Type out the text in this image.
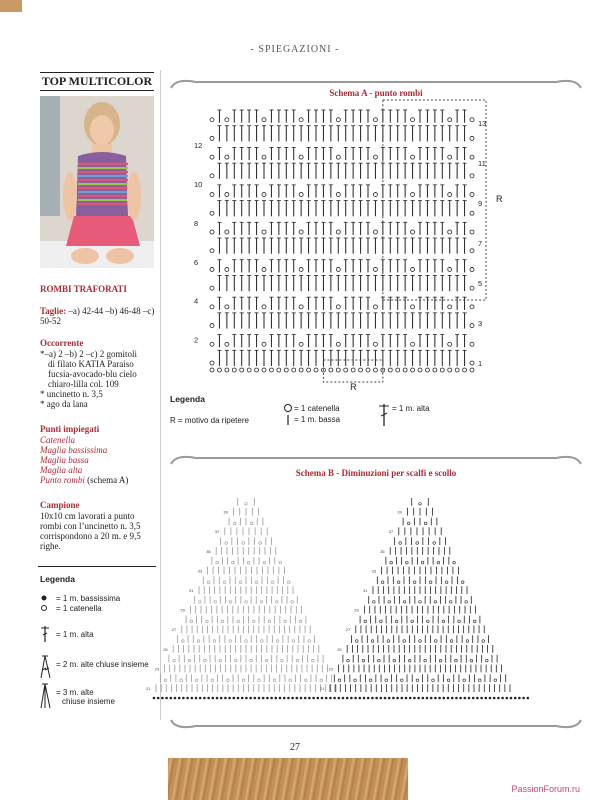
- SPIEGAZIONI -
TOP MULTICOLOR
ROMBI TRAFORATI
Taglie: –a) 42-44 –b) 46-48 –c) 50-52
Occorrente
*–a) 2 –b) 2 –c) 2 gomitoli
di filato KATIA Paraiso
fucsia-avocado-blu cielo
chiaro-lilla col. 109
* uncinetto n. 3,5
* ago da lana
Punti impiegati
Catenella
Maglia bassissima
Maglia bassa
Maglia alta
Punto rombi (schema A)
Campione
10x10 cm lavorati a punto
rombi con l’uncinetto n. 3,5
corrispondono a 20 m. e 9,5
righe.
Legenda
= 1 m. bassissima
= 1 catenella
= 1 m. alta
= 2 m. alte chiuse insieme
= 3 m. alte
chiuse insieme
Schema A - punto rombi
13
11
9
7
5
3
1
12
10
8
6
4
2
R
R
Legenda
R = motivo da ripetere
= 1 catenella
= 1 m. bassa
= 1 m. alta
Schema B - Diminuzioni per scalfi e scollo
21
23
25
27
29
31
33
35
37
39
21
23
25
27
29
31
33
35
37
39
27
PassionForum.ru
